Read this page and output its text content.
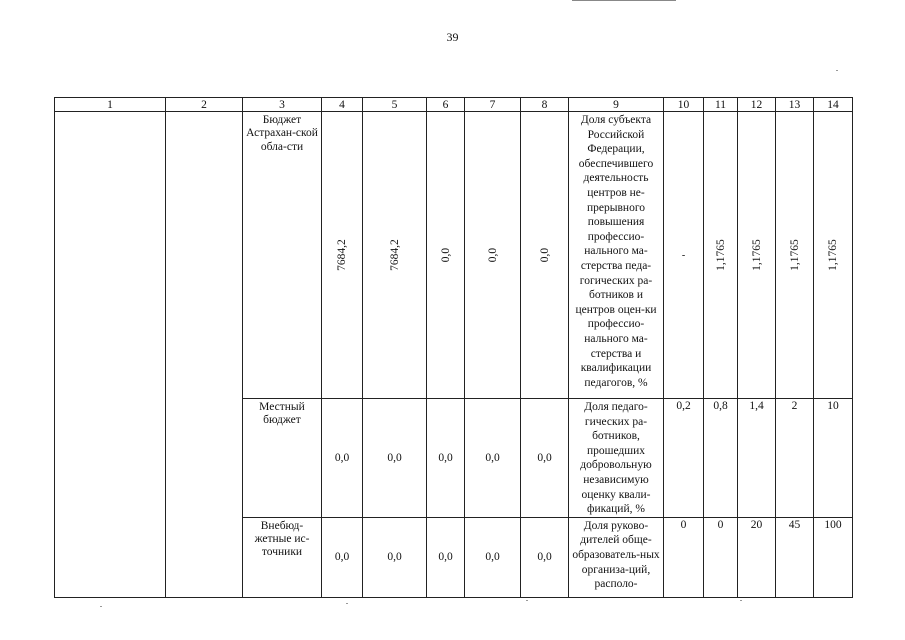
39
1	2	3	4	5	6	7	8	9	10	11	12	13	14
		Бюджет Астрахан-ской обла-сти	7684,2	7684,2	0,0	0,0	0,0	Доля субъекта Российской Федерации, обеспечившего деятельность центров не-прерывного повышения профессио-нального ма-стерства педа-гогических ра-ботников и центров оцен-ки профессио-нального ма-стерства и квалификации педагогов, %	-	1,1765	1,1765	1,1765	1,1765

		Местный бюджет	0,0	0,0	0,0	0,0	0,0	Доля педаго-гических ра-ботников, прошедших добровольную независимую оценку квали-фикаций, %	0,2	0,8	1,4	2	10
		Внебюд-жетные ис-точники	0,0	0,0	0,0	0,0	0,0	Доля руково-дителей обще-образователь-ных организа-ций, располо-	0	0	20	45	100
